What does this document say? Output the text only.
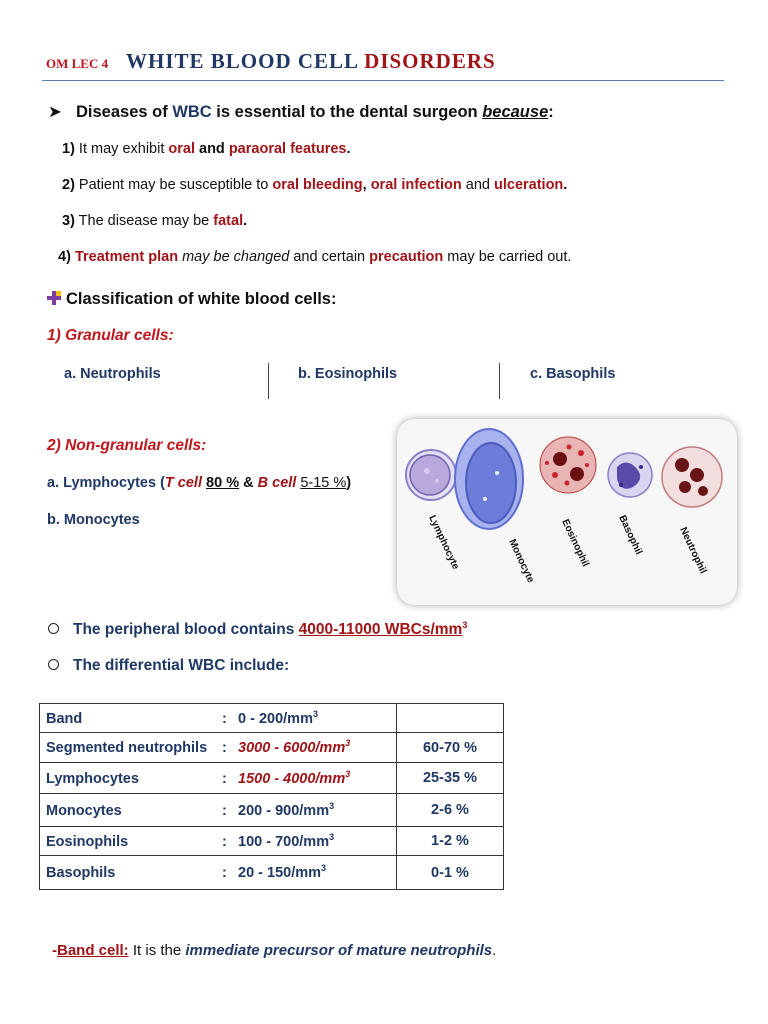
OM LEC 4 WHITE BLOOD CELL DISORDERS
➤ Diseases of WBC is essential to the dental surgeon because:
1) It may exhibit oral and paraoral features.
2) Patient may be susceptible to oral bleeding, oral infection and ulceration.
3) The disease may be fatal.
4) Treatment plan may be changed and certain precaution may be carried out.
Classification of white blood cells:
1) Granular cells:
a. Neutrophils	b. Eosinophils	c. Basophils
2) Non-granular cells:
a. Lymphocytes (T cell 80 % & B cell 5-15 %)
b. Monocytes	Lymphocyte	Monocyte Eosinophil	Basophil	Neutrophil
The peripheral blood contains 4000-11000 WBCs/$mm^3$
The differential WBC include:
Band : $0 - 200/mm^3$	
Segmented neutrophils : $3000 - 6000/mm^3$	60-70 %
Lymphocytes : $1500 - 4000/mm^3$	25-35 %
Monocytes : $200 - 900/mm^3$	2-6 %
Eosinophils : $100 - 700/mm^3$	1-2 %
Basophils : $20 - 150/mm^3$	0-1 %
-Band cell: It is the immediate precursor of mature neutrophils.
